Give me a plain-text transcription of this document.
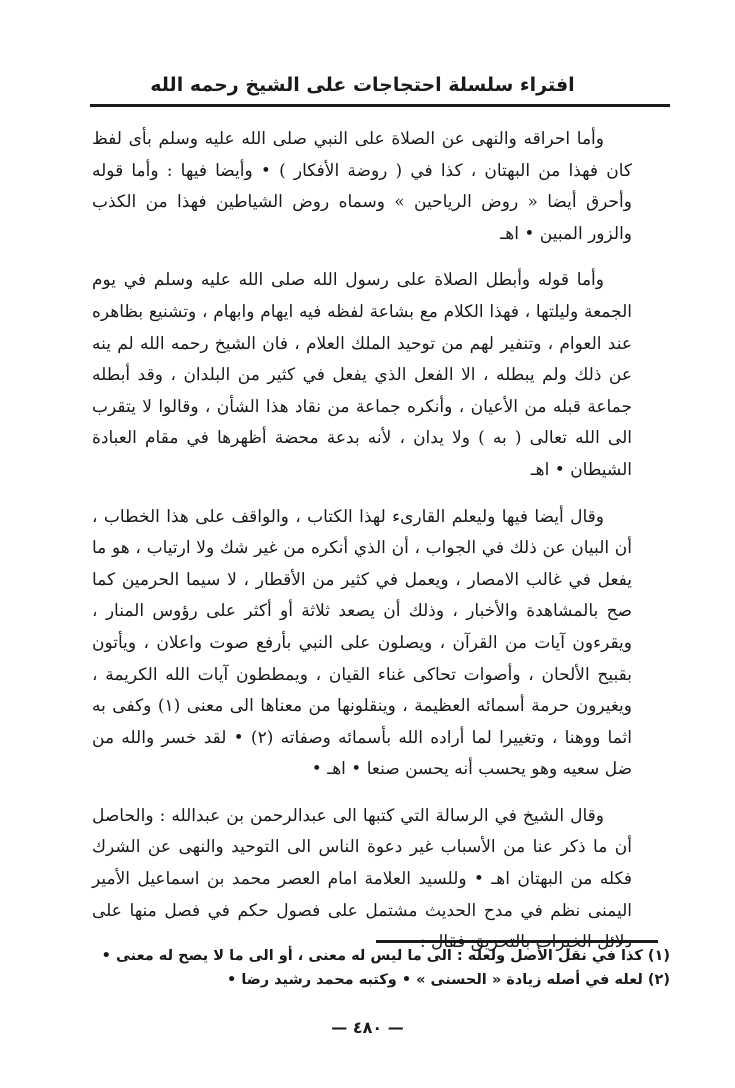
افتراء سلسلة احتجاجات على الشيخ رحمه الله

وأما احراقه والنهى عن الصلاة على النبي صلى الله عليه وسلم بأى لفظ كان فهذا من البهتان ، كذا في ( روضة الأفكار ) • وأيضا فيها : وأما قوله وأحرق أيضا « روض الرياحين » وسماه روض الشياطين فهذا من الكذب والزور المبين • اهـ

وأما قوله وأبطل الصلاة على رسول الله صلى الله عليه وسلم في يوم الجمعة وليلتها ، فهذا الكلام مع بشاعة لفظه فيه ايهام وابهام ، وتشنيع بظاهره عند العوام ، وتنفير لهم من توحيد الملك العلام ، فان الشيخ رحمه الله لم ينه عن ذلك ولم يبطله ، الا الفعل الذي يفعل في كثير من البلدان ، وقد أبطله جماعة قبله من الأعيان ، وأنكره جماعة من نقاد هذا الشأن ، وقالوا لا يتقرب الى الله تعالى ( به ) ولا يدان ، لأنه بدعة محضة أظهرها في مقام العبادة الشيطان • اهـ

وقال أيضا فيها وليعلم القارىء لهذا الكتاب ، والواقف على هذا الخطاب ، أن البيان عن ذلك في الجواب ، أن الذي أنكره من غير شك ولا ارتياب ، هو ما يفعل في غالب الامصار ، ويعمل في كثير من الأقطار ، لا سيما الحرمين كما صح بالمشاهدة والأخبار ، وذلك أن يصعد ثلاثة أو أكثر على رؤوس المنار ، ويقرءون آيات من القرآن ، ويصلون على النبي بأرفع صوت واعلان ، ويأتون بقبيح الألحان ، وأصوات تحاكى غناء القيان ، ويمططون آيات الله الكريمة ، ويغيرون حرمة أسمائه العظيمة ، وينقلونها من معناها الى معنى (١) وكفى به اثما ووهنا ، وتغييرا لما أراده الله بأسمائه وصفاته (٢) • لقد خسر والله من ضل سعيه وهو يحسب أنه يحسن صنعا • اهـ •

وقال الشيخ في الرسالة التي كتبها الى عبدالرحمن بن عبدالله : والحاصل أن ما ذكر عنا من الأسباب غير دعوة الناس الى التوحيد والنهى عن الشرك فكله من البهتان اهـ • وللسيد العلامة امام العصر محمد بن اسماعيل الأمير اليمنى نظم في مدح الحديث مشتمل على فصول حكم في فصل منها على دلائل الخيرات بالتحريق فقال :

(١) كذا في نقل الأصل ولعله : الى ما ليس له معنى ، أو الى ما لا يصح له معنى •
(٢) لعله في أصله زيادة « الحسنى » • وكتبه محمد رشيد رضا •
— ٤٨٠ —
